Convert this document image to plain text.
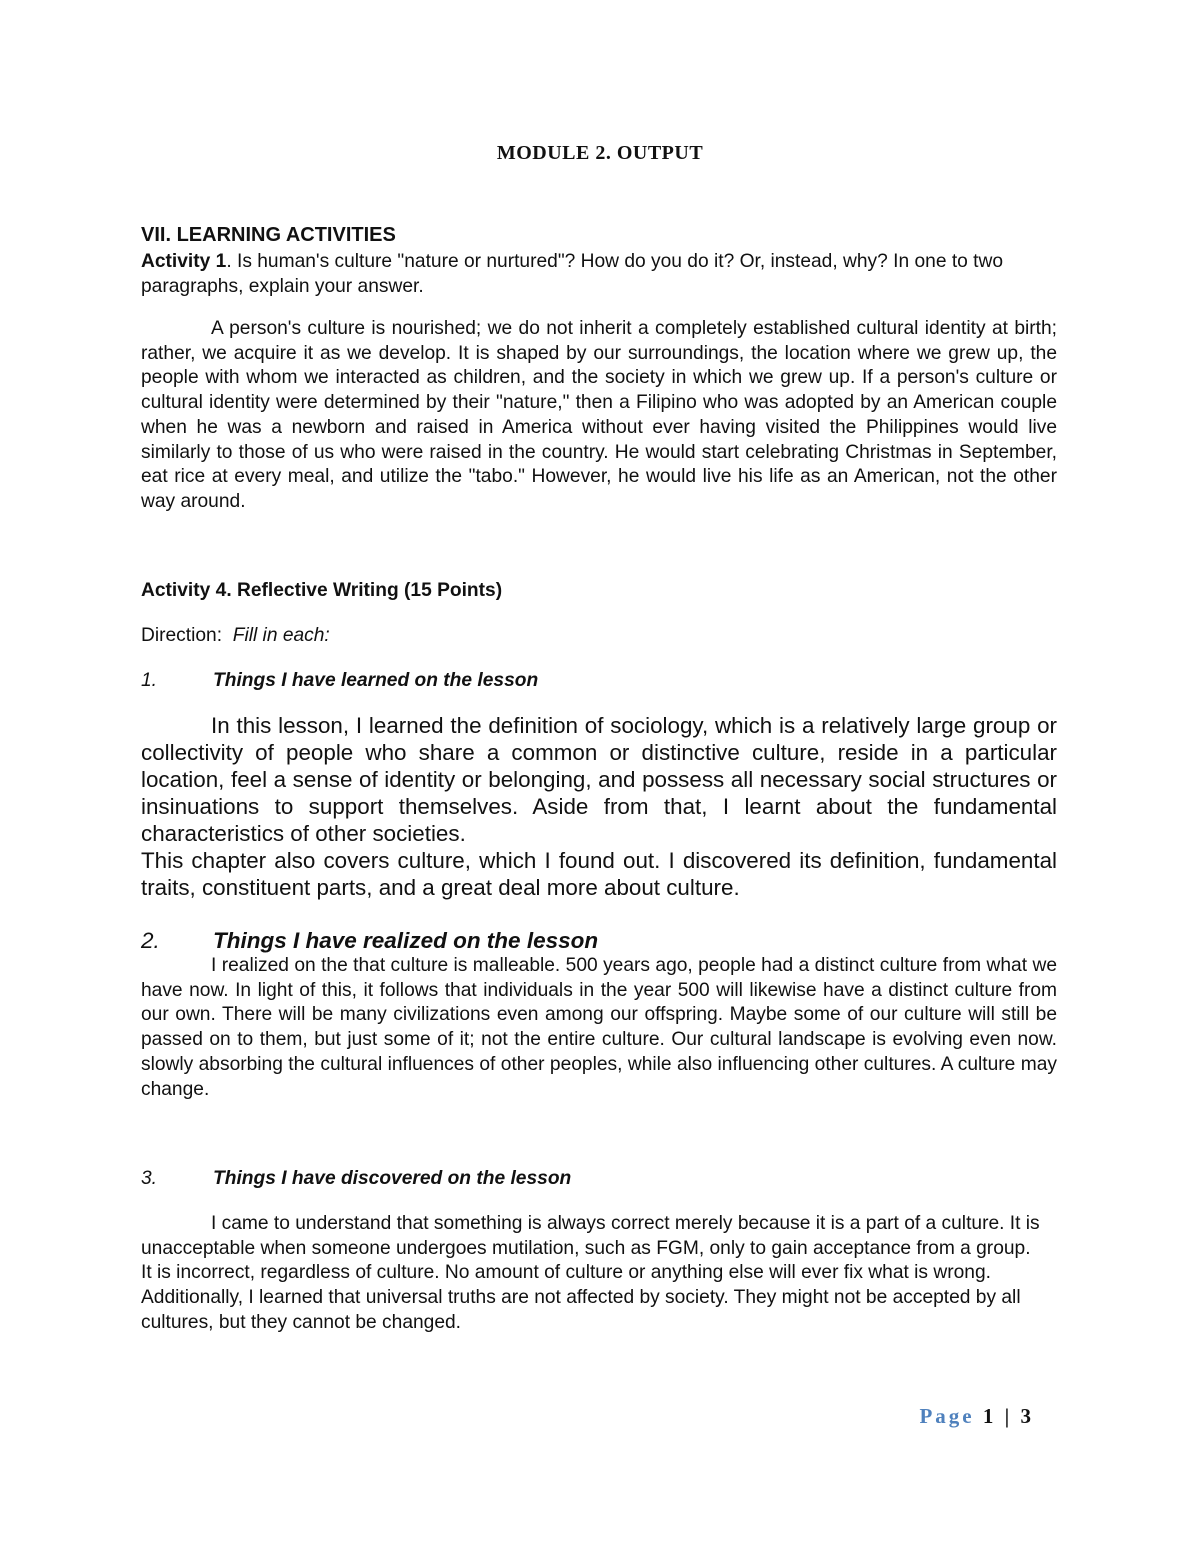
MODULE 2. OUTPUT
VII. LEARNING ACTIVITIES
Activity 1. Is human's culture "nature or nurtured"? How do you do it? Or, instead, why? In one to two paragraphs, explain your answer.
A person's culture is nourished; we do not inherit a completely established cultural identity at birth; rather, we acquire it as we develop. It is shaped by our surroundings, the location where we grew up, the people with whom we interacted as children, and the society in which we grew up. If a person's culture or cultural identity were determined by their "nature," then a Filipino who was adopted by an American couple when he was a newborn and raised in America without ever having visited the Philippines would live similarly to those of us who were raised in the country. He would start celebrating Christmas in September, eat rice at every meal, and utilize the "tabo." However, he would live his life as an American, not the other way around.
Activity 4. Reflective Writing (15 Points)
Direction: Fill in each:
1.	Things I have learned on the lesson
In this lesson, I learned the definition of sociology, which is a relatively large group or collectivity of people who share a common or distinctive culture, reside in a particular location, feel a sense of identity or belonging, and possess all necessary social structures or insinuations to support themselves. Aside from that, I learnt about the fundamental characteristics of other societies.
This chapter also covers culture, which I found out. I discovered its definition, fundamental traits, constituent parts, and a great deal more about culture.
2. Things I have realized on the lesson
I realized on the that culture is malleable. 500 years ago, people had a distinct culture from what we have now. In light of this, it follows that individuals in the year 500 will likewise have a distinct culture from our own. There will be many civilizations even among our offspring. Maybe some of our culture will still be passed on to them, but just some of it; not the entire culture. Our cultural landscape is evolving even now. slowly absorbing the cultural influences of other peoples, while also influencing other cultures. A culture may change.
3.	Things I have discovered on the lesson
I came to understand that something is always correct merely because it is a part of a culture. It is unacceptable when someone undergoes mutilation, such as FGM, only to gain acceptance from a group. It is incorrect, regardless of culture. No amount of culture or anything else will ever fix what is wrong. Additionally, I learned that universal truths are not affected by society. They might not be accepted by all cultures, but they cannot be changed.
Page 1 | 3
